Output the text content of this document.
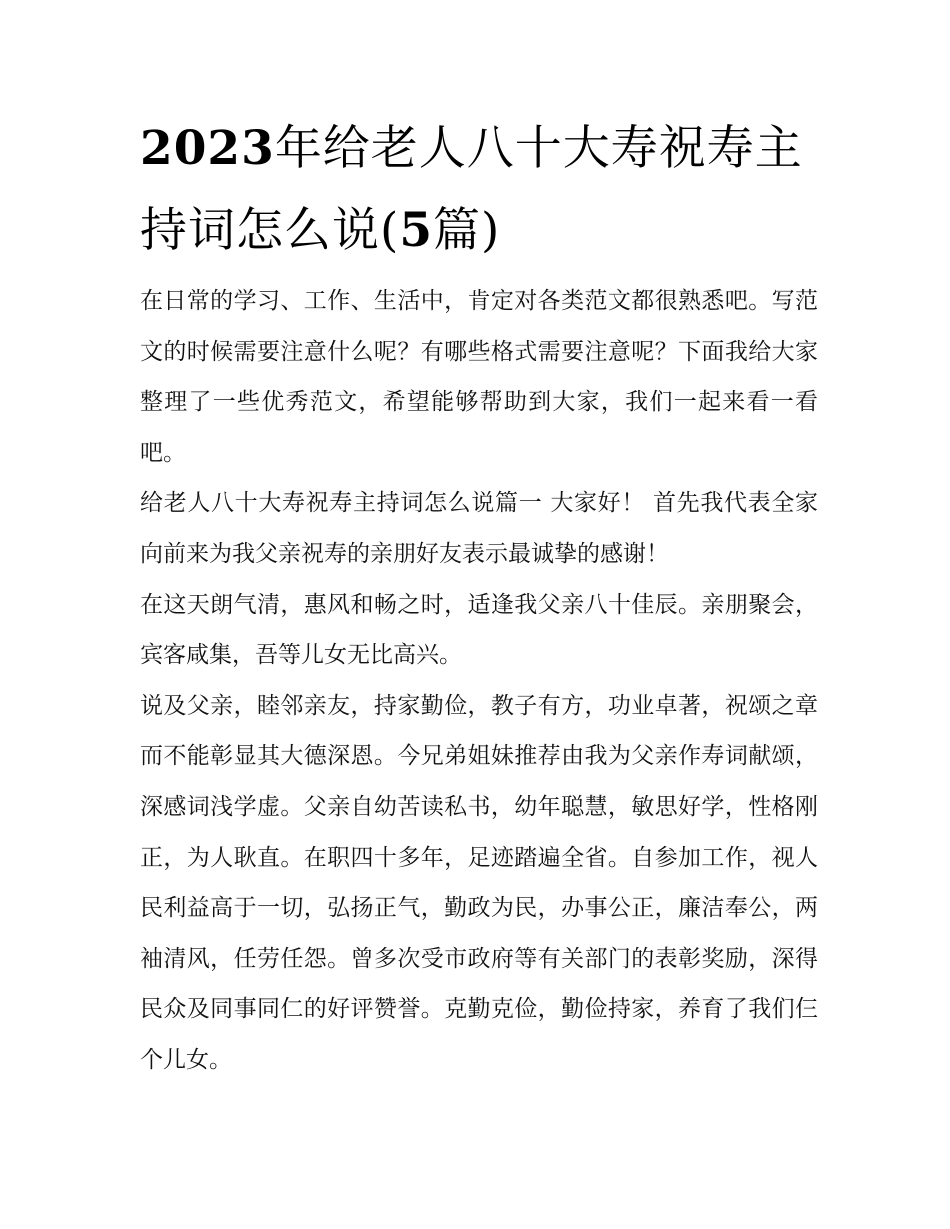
2023年给老人八十大寿祝寿主持词怎么说(5篇)

在日常的学习、工作、生活中，肯定对各类范文都很熟悉吧。写范文的时候需要注意什么呢？有哪些格式需要注意呢？下面我给大家整理了一些优秀范文，希望能够帮助到大家，我们一起来看一看吧。

给老人八十大寿祝寿主持词怎么说篇一 大家好！ 首先我代表全家向前来为我父亲祝寿的亲朋好友表示最诚挚的感谢！

在这天朗气清，惠风和畅之时，适逢我父亲八十佳辰。亲朋聚会，宾客咸集，吾等儿女无比高兴。

说及父亲，睦邻亲友，持家勤俭，教子有方，功业卓著，祝颂之章而不能彰显其大德深恩。今兄弟姐妹推荐由我为父亲作寿词献颂，深感词浅学虚。父亲自幼苦读私书，幼年聪慧，敏思好学，性格刚正，为人耿直。在职四十多年，足迹踏遍全省。自参加工作，视人民利益高于一切，弘扬正气，勤政为民，办事公正，廉洁奉公，两袖清风，任劳任怨。曾多次受市政府等有关部门的表彰奖励，深得民众及同事同仁的好评赞誉。克勤克俭，勤俭持家，养育了我们仨个儿女。
